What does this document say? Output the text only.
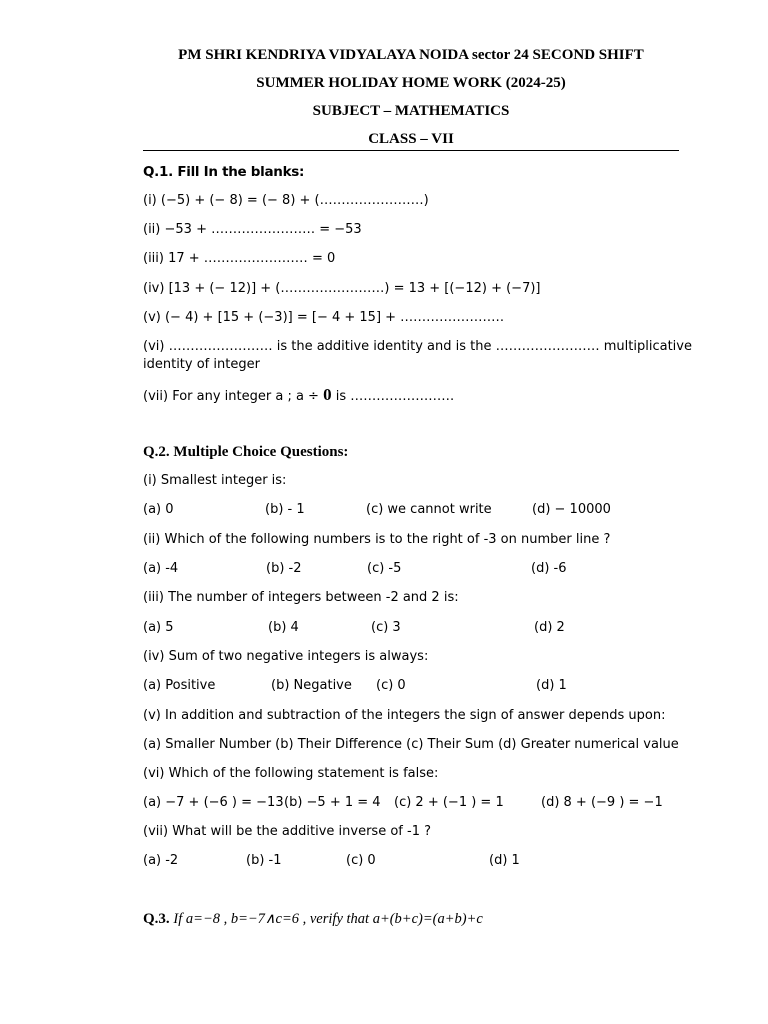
PM SHRI KENDRIYA VIDYALAYA NOIDA sector 24 SECOND SHIFT
SUMMER HOLIDAY HOME WORK (2024-25)
SUBJECT – MATHEMATICS
CLASS – VII
Q.1. Fill In the blanks:
(i) (−5) + (− 8) = (− 8) + (……………………)
(ii) −53 + …………………… = −53
(iii) 17 + …………………… = 0
(iv) [13 + (− 12)] + (……………………) = 13 + [(−12) + (−7)]
(v) (− 4) + [15 + (−3)] = [− 4 + 15] + ……………………
(vi) …………………… is the additive identity and is the …………………… multiplicative
identity of integer
(vii) For any integer a ; a ÷ 0 is ……………………
Q.2. Multiple Choice Questions:
(i) Smallest integer is:
(a) 0	(b) - 1	(c) we cannot write	(d) − 10000
(ii) Which of the following numbers is to the right of -3 on number line ?
(a) -4	(b) -2	(c) -5	(d) -6
(iii) The number of integers between -2 and 2 is:
(a) 5	(b) 4	(c) 3	(d) 2
(iv) Sum of two negative integers is always:
(a) Positive	(b) Negative (c) 0	(d) 1
(v) In addition and subtraction of the integers the sign of answer depends upon:
(a) Smaller Number (b) Their Difference (c) Their Sum (d) Greater numerical value
(vi) Which of the following statement is false:
(a) −7 + (−6 ) = −13 (b) −5 + 1 = 4 (c) 2 + (−1 ) = 1	(d) 8 + (−9 ) = −1
(vii) What will be the additive inverse of -1 ?
(a) -2	(b) -1	(c) 0	(d) 1
Q.3. If a=−8 , b=−7∧c=6 , verify that a+(b+c)=(a+b)+c
